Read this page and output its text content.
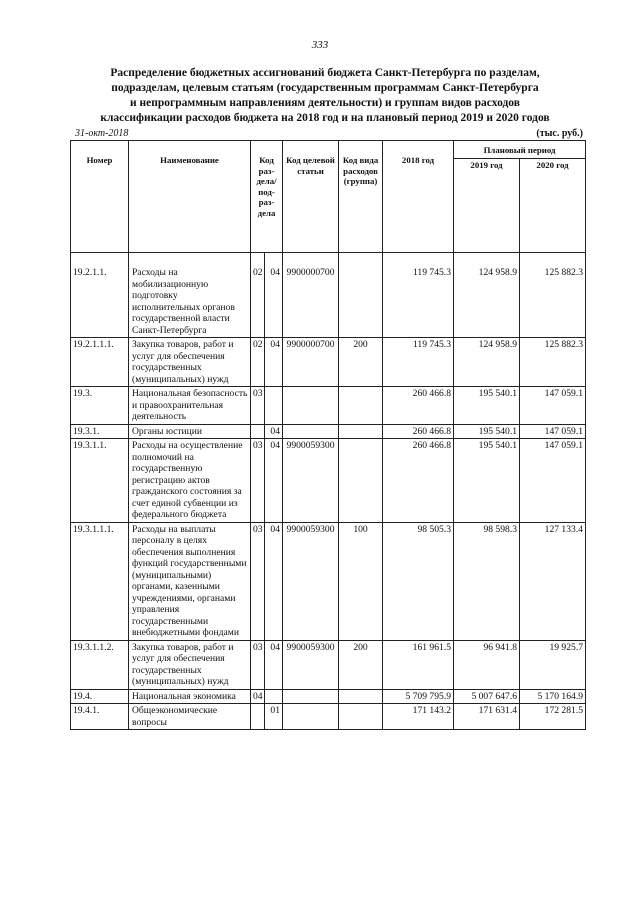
333
Распределение бюджетных ассигнований бюджета Санкт-Петербурга по разделам,
подразделам, целевым статьям (государственным программам Санкт-Петербурга
и непрограммным направлениям деятельности) и группам видов расходов
классификации расходов бюджета на 2018 год и на плановый период 2019 и 2020 годов
31-окт-2018	(тыс. руб.)
Номер	Наименование	Код раз-дела/ под-раз-дела		Код целевой статьи	Код вида расходов (группа)	2018 год	Плановый период	
							2019 год	2020 год
19.2.1.1.	Расходы на мобилизационную подготовку исполнительных органов государственной власти Санкт-Петербурга	02	04	9900000700		119 745.3	124 958.9	125 882.3
19.2.1.1.1.	Закупка товаров, работ и услуг для обеспечения государственных (муниципальных) нужд	02	04	9900000700	200	119 745.3	124 958.9	125 882.3
19.3.	Национальная безопасность и правоохранительная деятельность	03				260 466.8	195 540.1	147 059.1
19.3.1.	Органы юстиции		04			260 466.8	195 540.1	147 059.1
19.3.1.1.	Расходы на осуществление полномочий на государственную регистрацию актов гражданского состояния за счет единой субвенции из федерального бюджета	03	04	9900059300		260 466.8	195 540.1	147 059.1
19.3.1.1.1.	Расходы на выплаты персоналу в целях обеспечения выполнения функций государственными (муниципальными) органами, казенными учреждениями, органами управления государственными внебюджетными фондами	03	04	9900059300	100	98 505.3	98 598.3	127 133.4
19.3.1.1.2.	Закупка товаров, работ и услуг для обеспечения государственных (муниципальных) нужд	03	04	9900059300	200	161 961.5	96 941.8	19 925.7
19.4.	Национальная экономика	04				5 709 795.9	5 007 647.6	5 170 164.9
19.4.1.	Общеэкономические вопросы		01			171 143.2	171 631.4	172 281.5
